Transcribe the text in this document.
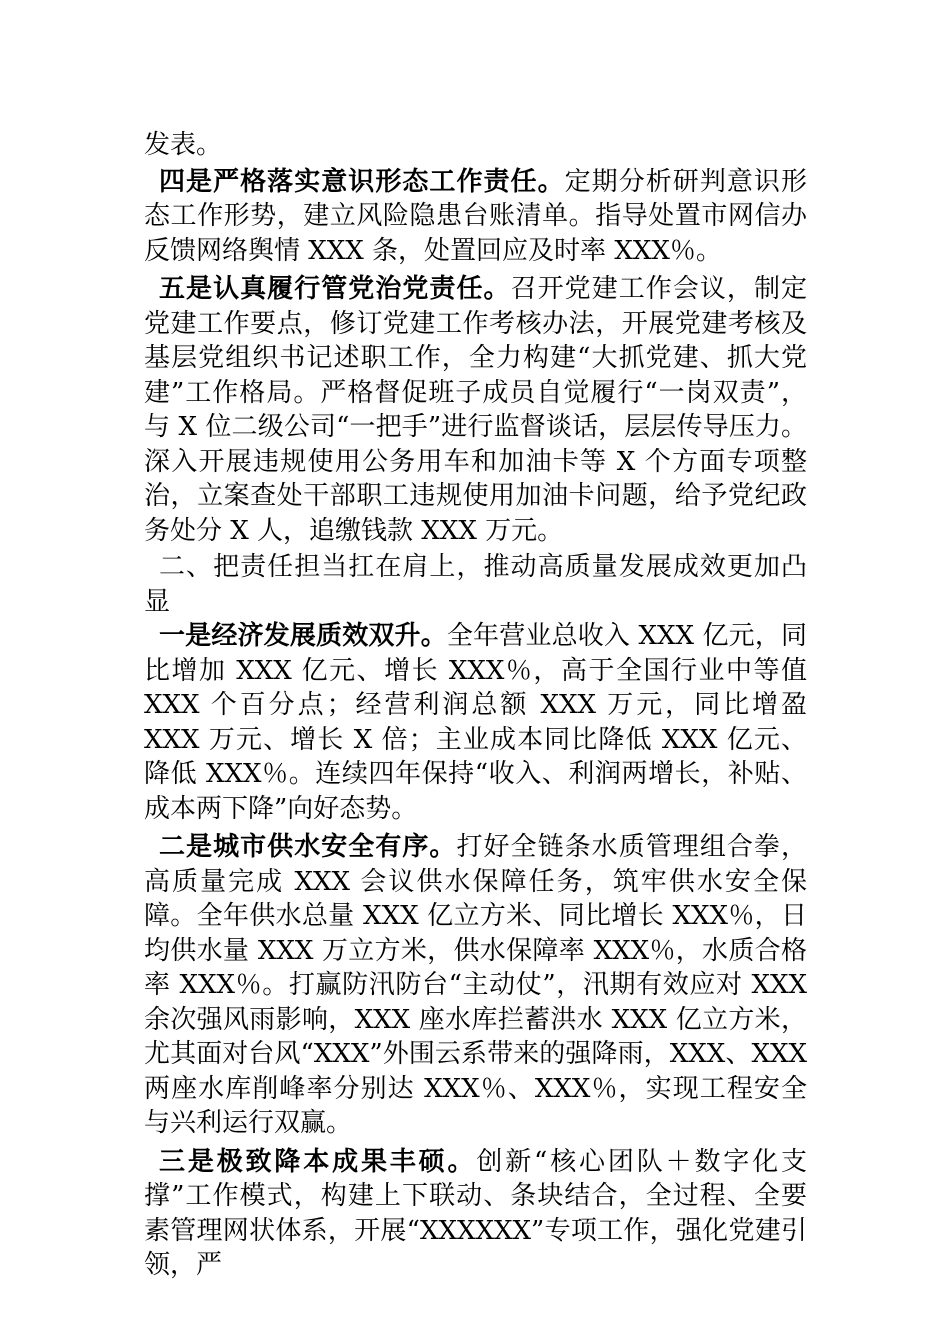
发表。

四是严格落实意识形态工作责任。定期分析研判意识形态工作形势，建立风险隐患台账清单。指导处置市网信办反馈网络舆情 XXX 条，处置回应及时率 XXX％。

五是认真履行管党治党责任。召开党建工作会议，制定党建工作要点，修订党建工作考核办法，开展党建考核及基层党组织书记述职工作，全力构建“大抓党建、抓大党建”工作格局。严格督促班子成员自觉履行“一岗双责”，与 X 位二级公司“一把手”进行监督谈话，层层传导压力。深入开展违规使用公务用车和加油卡等 X 个方面专项整治，立案查处干部职工违规使用加油卡问题，给予党纪政务处分 X 人，追缴钱款 XXX 万元。

二、把责任担当扛在肩上，推动高质量发展成效更加凸显

一是经济发展质效双升。全年营业总收入 XXX 亿元，同比增加 XXX 亿元、增长 XXX％，高于全国行业中等值 XXX 个百分点；经营利润总额 XXX 万元，同比增盈 XXX 万元、增长 X 倍；主业成本同比降低 XXX 亿元、降低 XXX％。连续四年保持“收入、利润两增长，补贴、成本两下降”向好态势。

二是城市供水安全有序。打好全链条水质管理组合拳，高质量完成 XXX 会议供水保障任务，筑牢供水安全保障。全年供水总量 XXX 亿立方米、同比增长 XXX％，日均供水量 XXX 万立方米，供水保障率 XXX％，水质合格率 XXX％。打赢防汛防台“主动仗”，汛期有效应对 XXX 余次强风雨影响，XXX 座水库拦蓄洪水 XXX 亿立方米，尤其面对台风“XXX”外围云系带来的强降雨，XXX、XXX 两座水库削峰率分别达 XXX％、XXX％，实现工程安全与兴利运行双赢。

三是极致降本成果丰硕。创新“核心团队＋数字化支撑”工作模式，构建上下联动、条块结合，全过程、全要素管理网状体系，开展“XXXXXX”专项工作，强化党建引领，严
